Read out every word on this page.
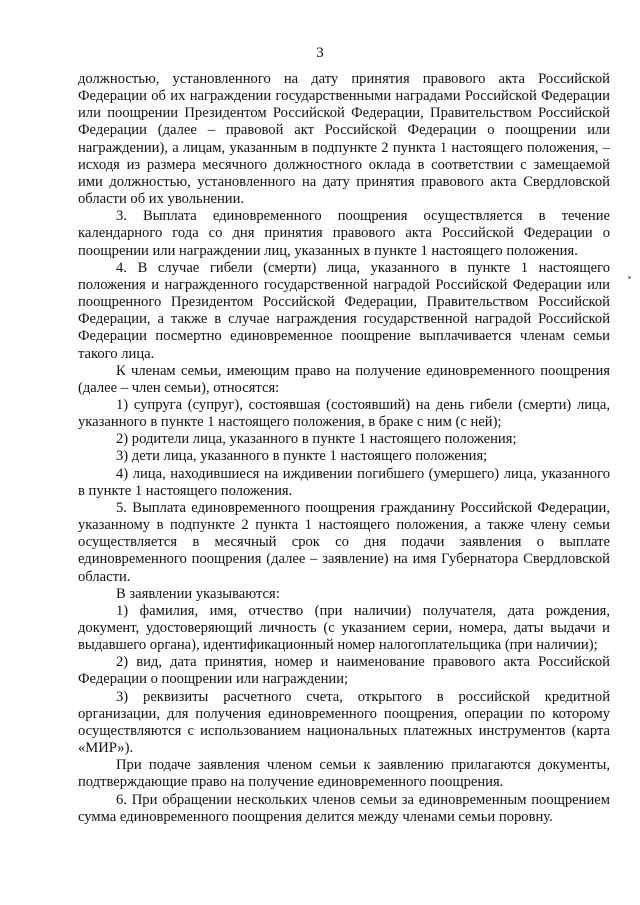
3

должностью, установленного на дату принятия правового акта Российской Федерации об их награждении государственными наградами Российской Федерации или поощрении Президентом Российской Федерации, Правительством Российской Федерации (далее – правовой акт Российской Федерации о поощрении или награждении), а лицам, указанным в подпункте 2 пункта 1 настоящего положения, – исходя из размера месячного должностного оклада в соответствии с замещаемой ими должностью, установленного на дату принятия правового акта Свердловской области об их увольнении.

3. Выплата единовременного поощрения осуществляется в течение календарного года со дня принятия правового акта Российской Федерации о поощрении или награждении лиц, указанных в пункте 1 настоящего положения.

4. В случае гибели (смерти) лица, указанного в пункте 1 настоящего положения и награжденного государственной наградой Российской Федерации или поощренного Президентом Российской Федерации, Правительством Российской Федерации, а также в случае награждения государственной наградой Российской Федерации посмертно единовременное поощрение выплачивается членам семьи такого лица.

К членам семьи, имеющим право на получение единовременного поощрения (далее – член семьи), относятся:

1) супруга (супруг), состоявшая (состоявший) на день гибели (смерти) лица, указанного в пункте 1 настоящего положения, в браке с ним (с ней);

2) родители лица, указанного в пункте 1 настоящего положения;

3) дети лица, указанного в пункте 1 настоящего положения;

4) лица, находившиеся на иждивении погибшего (умершего) лица, указанного в пункте 1 настоящего положения.

5. Выплата единовременного поощрения гражданину Российской Федерации, указанному в подпункте 2 пункта 1 настоящего положения, а также члену семьи осуществляется в месячный срок со дня подачи заявления о выплате единовременного поощрения (далее – заявление) на имя Губернатора Свердловской области.

В заявлении указываются:

1) фамилия, имя, отчество (при наличии) получателя, дата рождения, документ, удостоверяющий личность (с указанием серии, номера, даты выдачи и выдавшего органа), идентификационный номер налогоплательщика (при наличии);

2) вид, дата принятия, номер и наименование правового акта Российской Федерации о поощрении или награждении;

3) реквизиты расчетного счета, открытого в российской кредитной организации, для получения единовременного поощрения, операции по которому осуществляются с использованием национальных платежных инструментов (карта «МИР»).

При подаче заявления членом семьи к заявлению прилагаются документы, подтверждающие право на получение единовременного поощрения.

6. При обращении нескольких членов семьи за единовременным поощрением сумма единовременного поощрения делится между членами семьи поровну.
